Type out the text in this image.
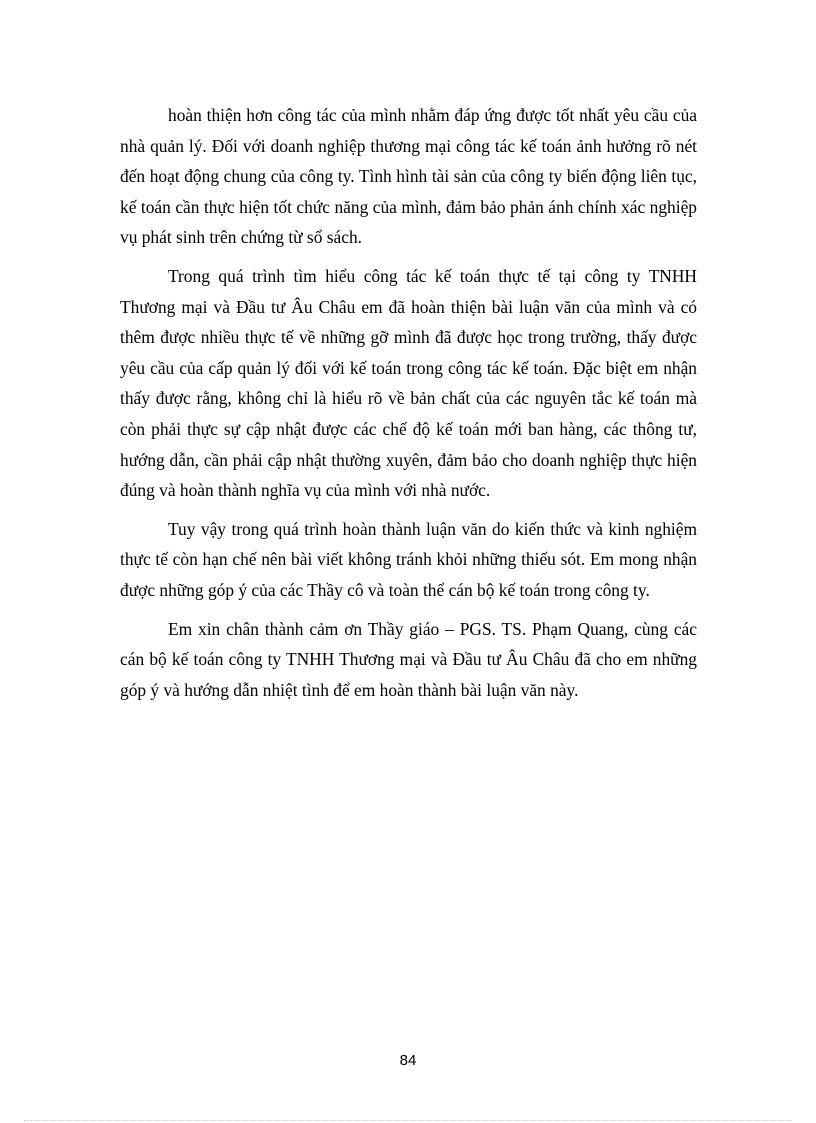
hoàn thiện hơn công tác của mình nhằm đáp ứng được tốt nhất yêu cầu của nhà quản lý. Đối với doanh nghiệp thương mại công tác kế toán ảnh hưởng rõ nét đến hoạt động chung của công ty. Tình hình tài sản của công ty biến động liên tục, kế toán cần thực hiện tốt chức năng của mình, đảm bảo phản ánh chính xác nghiệp vụ phát sinh trên chứng từ sổ sách.

Trong quá trình tìm hiểu công tác kế toán thực tế tại công ty TNHH Thương mại và Đầu tư Âu Châu em đã hoàn thiện bài luận văn của mình và có thêm được nhiều thực tế về những gỡ mình đã được học trong trường, thấy được yêu cầu của cấp quản lý đối với kế toán trong công tác kế toán. Đặc biệt em nhận thấy được rằng, không chỉ là hiểu rõ về bản chất của các nguyên tắc kế toán mà còn phải thực sự cập nhật được các chế độ kế toán mới ban hàng, các thông tư, hướng dẫn, cần phải cập nhật thường xuyên, đảm bảo cho doanh nghiệp thực hiện đúng và hoàn thành nghĩa vụ của mình với nhà nước.

Tuy vậy trong quá trình hoàn thành luận văn do kiến thức và kinh nghiệm thực tế còn hạn chế nên bài viết không tránh khỏi những thiếu sót. Em mong nhận được những góp ý của các Thầy cô và toàn thể cán bộ kế toán trong công ty.

Em xin chân thành cảm ơn Thầy giáo – PGS. TS. Phạm Quang, cùng các cán bộ kế toán công ty TNHH Thương mại và Đầu tư Âu Châu đã cho em những góp ý và hướng dẫn nhiệt tình để em hoàn thành bài luận văn này.

84
